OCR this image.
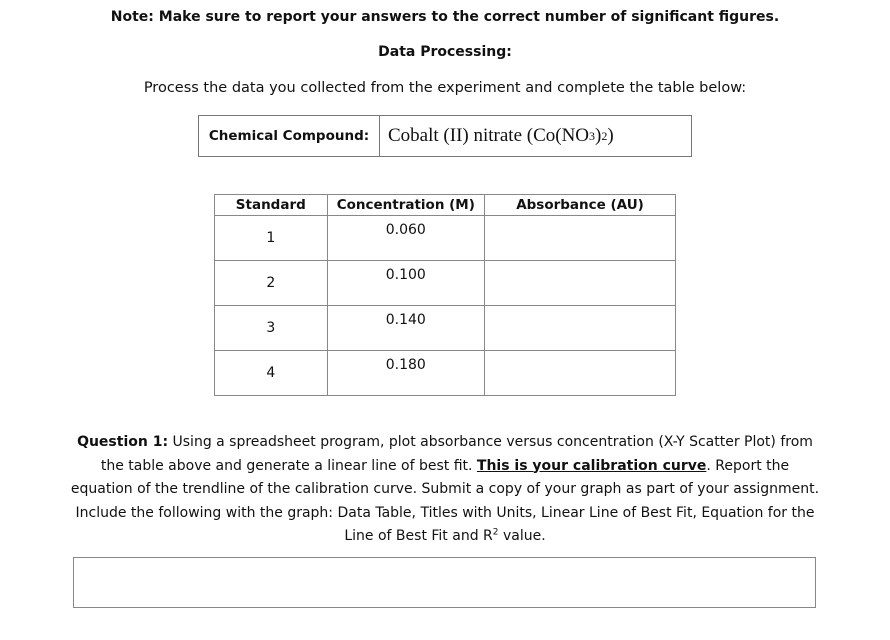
Note: Make sure to report your answers to the correct number of significant figures.
Data Processing:
Process the data you collected from the experiment and complete the table below:
Chemical Compound: Cobalt (II) nitrate (Co(NO 3 ) 2 )
Standard	Concentration (M)	Absorbance (AU)

1	0.060	

2	0.100	

3	0.140	

4	0.180	

Question 1: Using a spreadsheet program, plot absorbance versus concentration (X-Y Scatter Plot) from the table above and generate a linear line of best fit. This is your calibration curve. Report the equation of the trendline of the calibration curve. Submit a copy of your graph as part of your assignment. Include the following with the graph: Data Table, Titles with Units, Linear Line of Best Fit, Equation for the Line of Best Fit and $R^2$ value.
